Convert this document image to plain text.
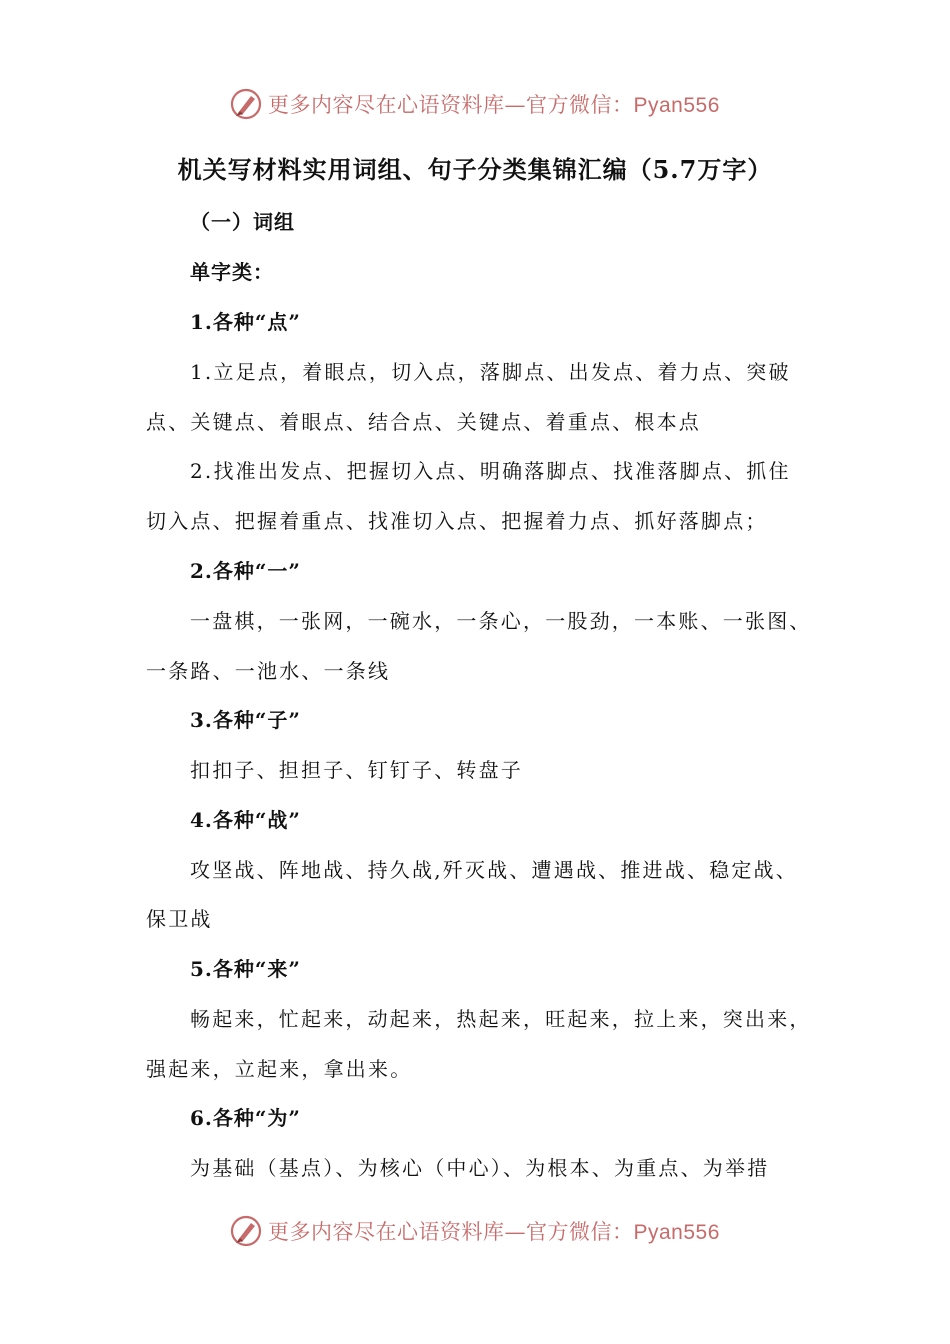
更多内容尽在心语资料库—官方微信：Pyan556
机关写材料实用词组、句子分类集锦汇编（5.7万字）
（一）词组
单字类：
1.各种“点”
1.立足点，着眼点，切入点，落脚点、出发点、着力点、突破
点、关键点、着眼点、结合点、关键点、着重点、根本点
2.找准出发点、把握切入点、明确落脚点、找准落脚点、抓住
切入点、把握着重点、找准切入点、把握着力点、抓好落脚点；
2.各种“一”
一盘棋，一张网，一碗水，一条心，一股劲，一本账、一张图、
一条路、一池水、一条线
3.各种“子”
扣扣子、担担子、钉钉子、转盘子
4.各种“战”
攻坚战、阵地战、持久战,歼灭战、遭遇战、推进战、稳定战、
保卫战
5.各种“来”
畅起来，忙起来，动起来，热起来，旺起来，拉上来，突出来，
强起来，立起来，拿出来。
6.各种“为”
为基础（基点）、为核心（中心）、为根本、为重点、为举措
更多内容尽在心语资料库—官方微信：Pyan556
